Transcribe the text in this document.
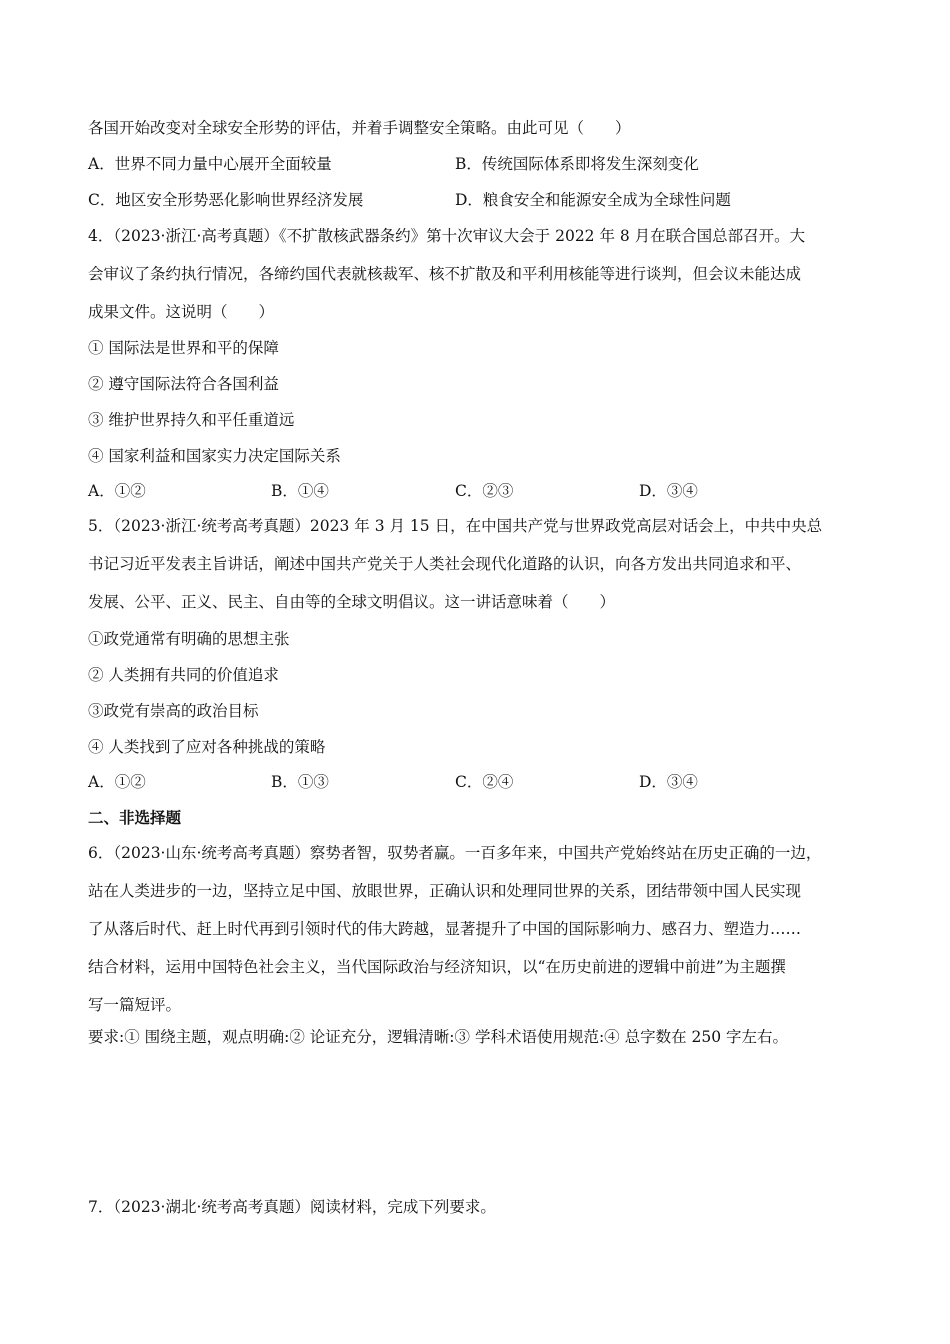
各国开始改变对全球安全形势的评估，并着手调整安全策略。由此可见（　　）
A．世界不同力量中心展开全面较量	B．传统国际体系即将发生深刻变化
C．地区安全形势恶化影响世界经济发展	D．粮食安全和能源安全成为全球性问题
4．（2023·浙江·高考真题）《不扩散核武器条约》第十次审议大会于 2022 年 8 月在联合国总部召开。大
会审议了条约执行情况，各缔约国代表就核裁军、核不扩散及和平利用核能等进行谈判，但会议未能达成
成果文件。这说明（　　）
① 国际法是世界和平的保障
② 遵守国际法符合各国利益
③ 维护世界持久和平任重道远
④ 国家利益和国家实力决定国际关系
A．①②	B．①④	C．②③	D．③④
5．（2023·浙江·统考高考真题）2023 年 3 月 15 日，在中国共产党与世界政党高层对话会上，中共中央总
书记习近平发表主旨讲话，阐述中国共产党关于人类社会现代化道路的认识，向各方发出共同追求和平、
发展、公平、正义、民主、自由等的全球文明倡议。这一讲话意味着（　　）
①政党通常有明确的思想主张
② 人类拥有共同的价值追求
③政党有崇高的政治目标
④ 人类找到了应对各种挑战的策略
A．①②	B．①③	C．②④	D．③④
二、非选择题
6．（2023·山东·统考高考真题）察势者智，驭势者赢。一百多年来，中国共产党始终站在历史正确的一边，
站在人类进步的一边，坚持立足中国、放眼世界，正确认识和处理同世界的关系，团结带领中国人民实现
了从落后时代、赶上时代再到引领时代的伟大跨越，显著提升了中国的国际影响力、感召力、塑造力……
结合材料，运用中国特色社会主义，当代国际政治与经济知识，以“在历史前进的逻辑中前进”为主题撰
写一篇短评。
要求:① 围绕主题，观点明确:② 论证充分，逻辑清晰:③ 学科术语使用规范:④ 总字数在 250 字左右。
7．（2023·湖北·统考高考真题）阅读材料，完成下列要求。
